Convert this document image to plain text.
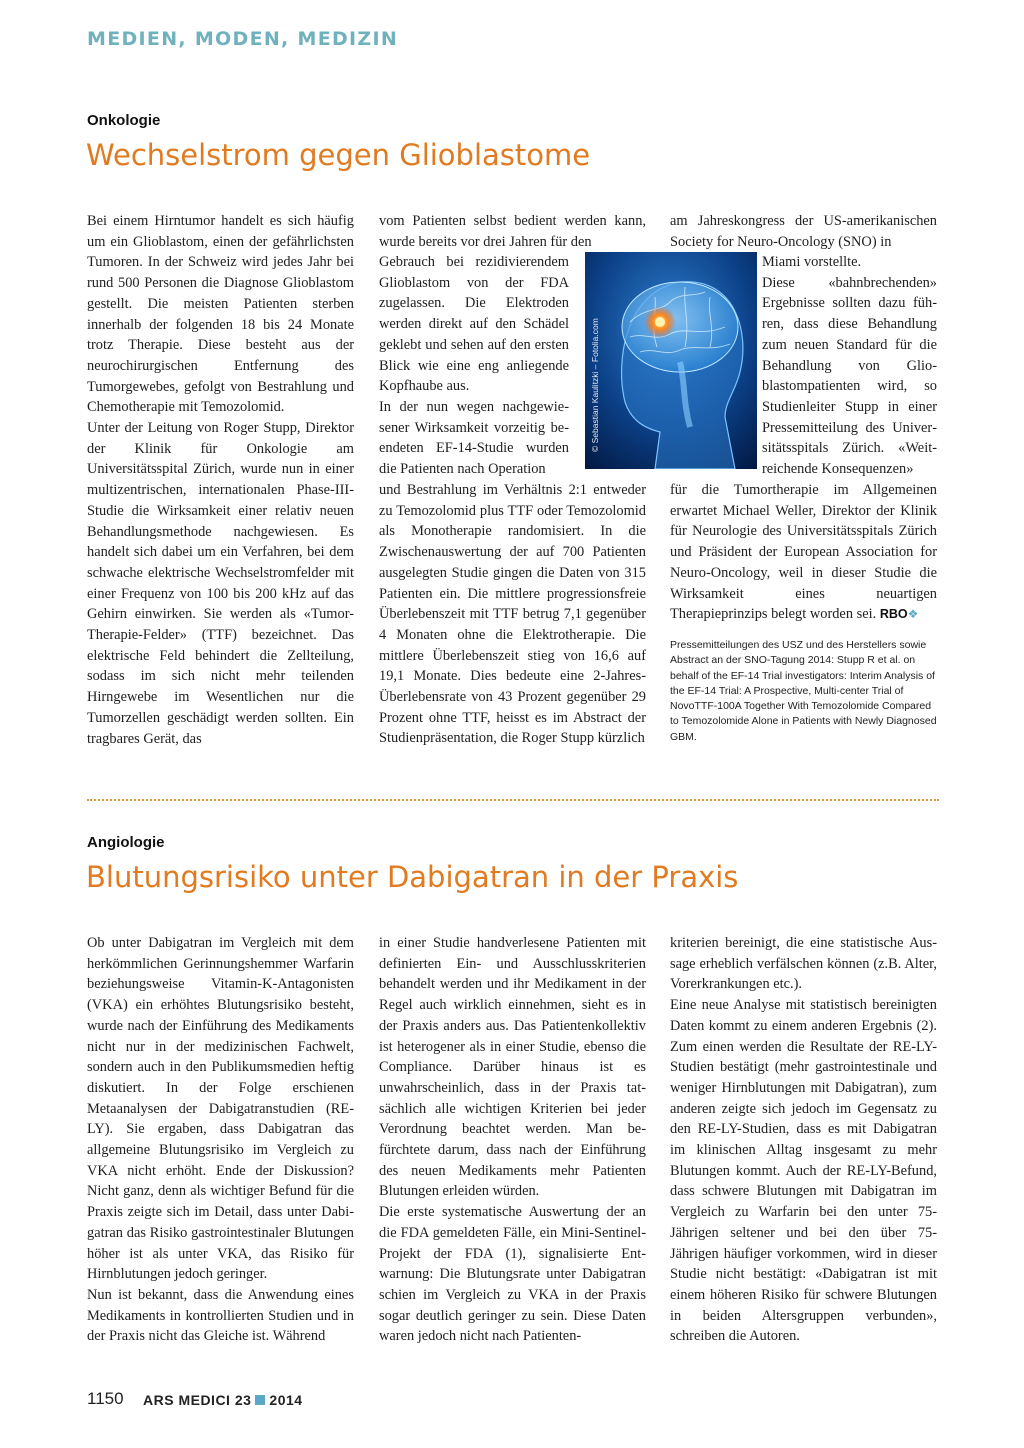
MEDIEN, MODEN, MEDIZIN
Onkologie
Wechselstrom gegen Glioblastome

Bei einem Hirntumor handelt es sich häufig um ein Glioblastom, einen der gefährlichsten Tumoren. In der Schweiz wird jedes Jahr bei rund 500 Personen die Diagnose Glioblastom gestellt. Die meisten Patienten sterben innerhalb der folgenden 18 bis 24 Monate trotz Therapie. Diese besteht aus der neurochirurgischen Entfernung des Tumorgewebes, gefolgt von Bestrahlung und Chemotherapie mit Temozolomid.

Unter der Leitung von Roger Stupp, Direktor der Klinik für Onkologie am Universitätsspital Zürich, wurde nun in einer multizentrischen, internationalen Phase-III-Studie die Wirksamkeit einer relativ neuen Behandlungsmethode nachgewiesen. Es handelt sich dabei um ein Verfahren, bei dem schwache elektrische Wechselstromfelder mit einer Frequenz von 100 bis 200 kHz auf das Gehirn einwirken. Sie werden als «Tumor-Therapie-Felder» (TTF) bezeichnet. Das elektrische Feld behindert die Zellteilung, sodass im sich nicht mehr teilenden Hirngewebe im Wesentlichen nur die Tumorzellen geschädigt werden sollten. Ein tragbares Gerät, das

vom Patienten selbst bedient werden kann, wurde bereits vor drei Jahren für den

Gebrauch bei rezidivierendem Glioblastom von der FDA zugelassen. Die Elektroden werden direkt auf den Schädel geklebt und sehen auf den ersten Blick wie eine eng anliegende Kopfhaube aus.

In der nun wegen nachgewiesener Wirksamkeit vorzeitig beendeten EF-14-Studie wurden die Patienten nach Operation

und Bestrahlung im Verhältnis 2:1 entweder zu Temozolomid plus TTF oder Temozolomid als Monotherapie randomisiert. In die Zwischenauswertung der auf 700 Patienten ausgelegten Studie gingen die Daten von 315 Patienten ein. Die mittlere progressionsfreie Überlebenszeit mit TTF betrug 7,1 gegenüber 4 Monaten ohne die Elektrotherapie. Die mittlere Überlebenszeit stieg von 16,6 auf 19,1 Monate. Dies bedeute eine 2-Jahres-Überlebensrate von 43 Prozent gegenüber 29 Prozent ohne TTF, heisst es im Abstract der Studienpräsentation, die Roger Stupp kürzlich

© Sebastian Kaulitzki – Fotolia.com

am Jahreskongress der US-amerikanischen Society for Neuro-Oncology (SNO) in

Miami vorstellte.

Diese «bahnbrechenden» Ergebnisse sollten dazu führen, dass diese Behandlung zum neuen Standard für die Behandlung von Glioblastompatienten wird, so Studienleiter Stupp in einer Pressemitteilung des Universitätsspitals Zürich. «Weitreichende Konsequenzen»

für die Tumortherapie im Allgemeinen erwartet Michael Weller, Direktor der Klinik für Neurologie des Universitätsspitals Zürich und Präsident der European Association for Neuro-Oncology, weil in dieser Studie die Wirksamkeit eines neuartigen Therapieprinzips belegt worden sei. RBO❖

Pressemitteilungen des USZ und des Herstellers sowie Abstract an der SNO-Tagung 2014: Stupp R et al. on behalf of the EF-14 Trial investigators: Interim Analysis of the EF-14 Trial: A Prospective, Multi-center Trial of NovoTTF-100A Together With Temozolomide Compared to Temozolomide Alone in Patients with Newly Diagnosed GBM.
Angiologie
Blutungsrisiko unter Dabigatran in der Praxis

Ob unter Dabigatran im Vergleich mit dem herkömmlichen Gerinnungshemmer Warfarin beziehungsweise Vitamin-K-Antagonisten (VKA) ein erhöhtes Blutungsrisiko besteht, wurde nach der Einführung des Medikaments nicht nur in der medizinischen Fachwelt, sondern auch in den Publikumsmedien heftig diskutiert. In der Folge erschienen Metaanalysen der Dabigatranstudien (RE-LY). Sie ergaben, dass Dabigatran das allgemeine Blutungsrisiko im Vergleich zu VKA nicht erhöht. Ende der Diskussion? Nicht ganz, denn als wichtiger Befund für die Praxis zeigte sich im Detail, dass unter Dabigatran das Risiko gastrointestinaler Blutungen höher ist als unter VKA, das Risiko für Hirnblutungen jedoch geringer.

Nun ist bekannt, dass die Anwendung eines Medikaments in kontrollierten Studien und in der Praxis nicht das Gleiche ist. Während

in einer Studie handverlesene Patienten mit definierten Ein- und Ausschlusskriterien behandelt werden und ihr Medikament in der Regel auch wirklich einnehmen, sieht es in der Praxis anders aus. Das Patientenkollektiv ist heterogener als in einer Studie, ebenso die Compliance. Darüber hinaus ist es unwahrscheinlich, dass in der Praxis tatsächlich alle wichtigen Kriterien bei jeder Verordnung beachtet werden. Man befürchtete darum, dass nach der Einführung des neuen Medikaments mehr Patienten Blutungen erleiden würden.

Die erste systematische Auswertung der an die FDA gemeldeten Fälle, ein Mini-Sentinel-Projekt der FDA (1), signalisierte Entwarnung: Die Blutungsrate unter Dabigatran schien im Vergleich zu VKA in der Praxis sogar deutlich geringer zu sein. Diese Daten waren jedoch nicht nach Patienten-

kriterien bereinigt, die eine statistische Aussage erheblich verfälschen können (z.B. Alter, Vorerkrankungen etc.).

Eine neue Analyse mit statistisch bereinigten Daten kommt zu einem anderen Ergebnis (2). Zum einen werden die Resultate der RE-LY- Studien bestätigt (mehr gastrointestinale und weniger Hirnblutungen mit Dabigatran), zum anderen zeigte sich jedoch im Gegensatz zu den RE-LY-Studien, dass es mit Dabigatran im klinischen Alltag insgesamt zu mehr Blutungen kommt. Auch der RE-LY-Befund, dass schwere Blutungen mit Dabigatran im Vergleich zu Warfarin bei den unter 75-Jährigen seltener und bei den über 75-Jährigen häufiger vorkommen, wird in dieser Studie nicht bestätigt: «Dabigatran ist mit einem höheren Risiko für schwere Blutungen in beiden Altersgruppen verbunden», schreiben die Autoren.

1150 ARS MEDICI 23 2014
